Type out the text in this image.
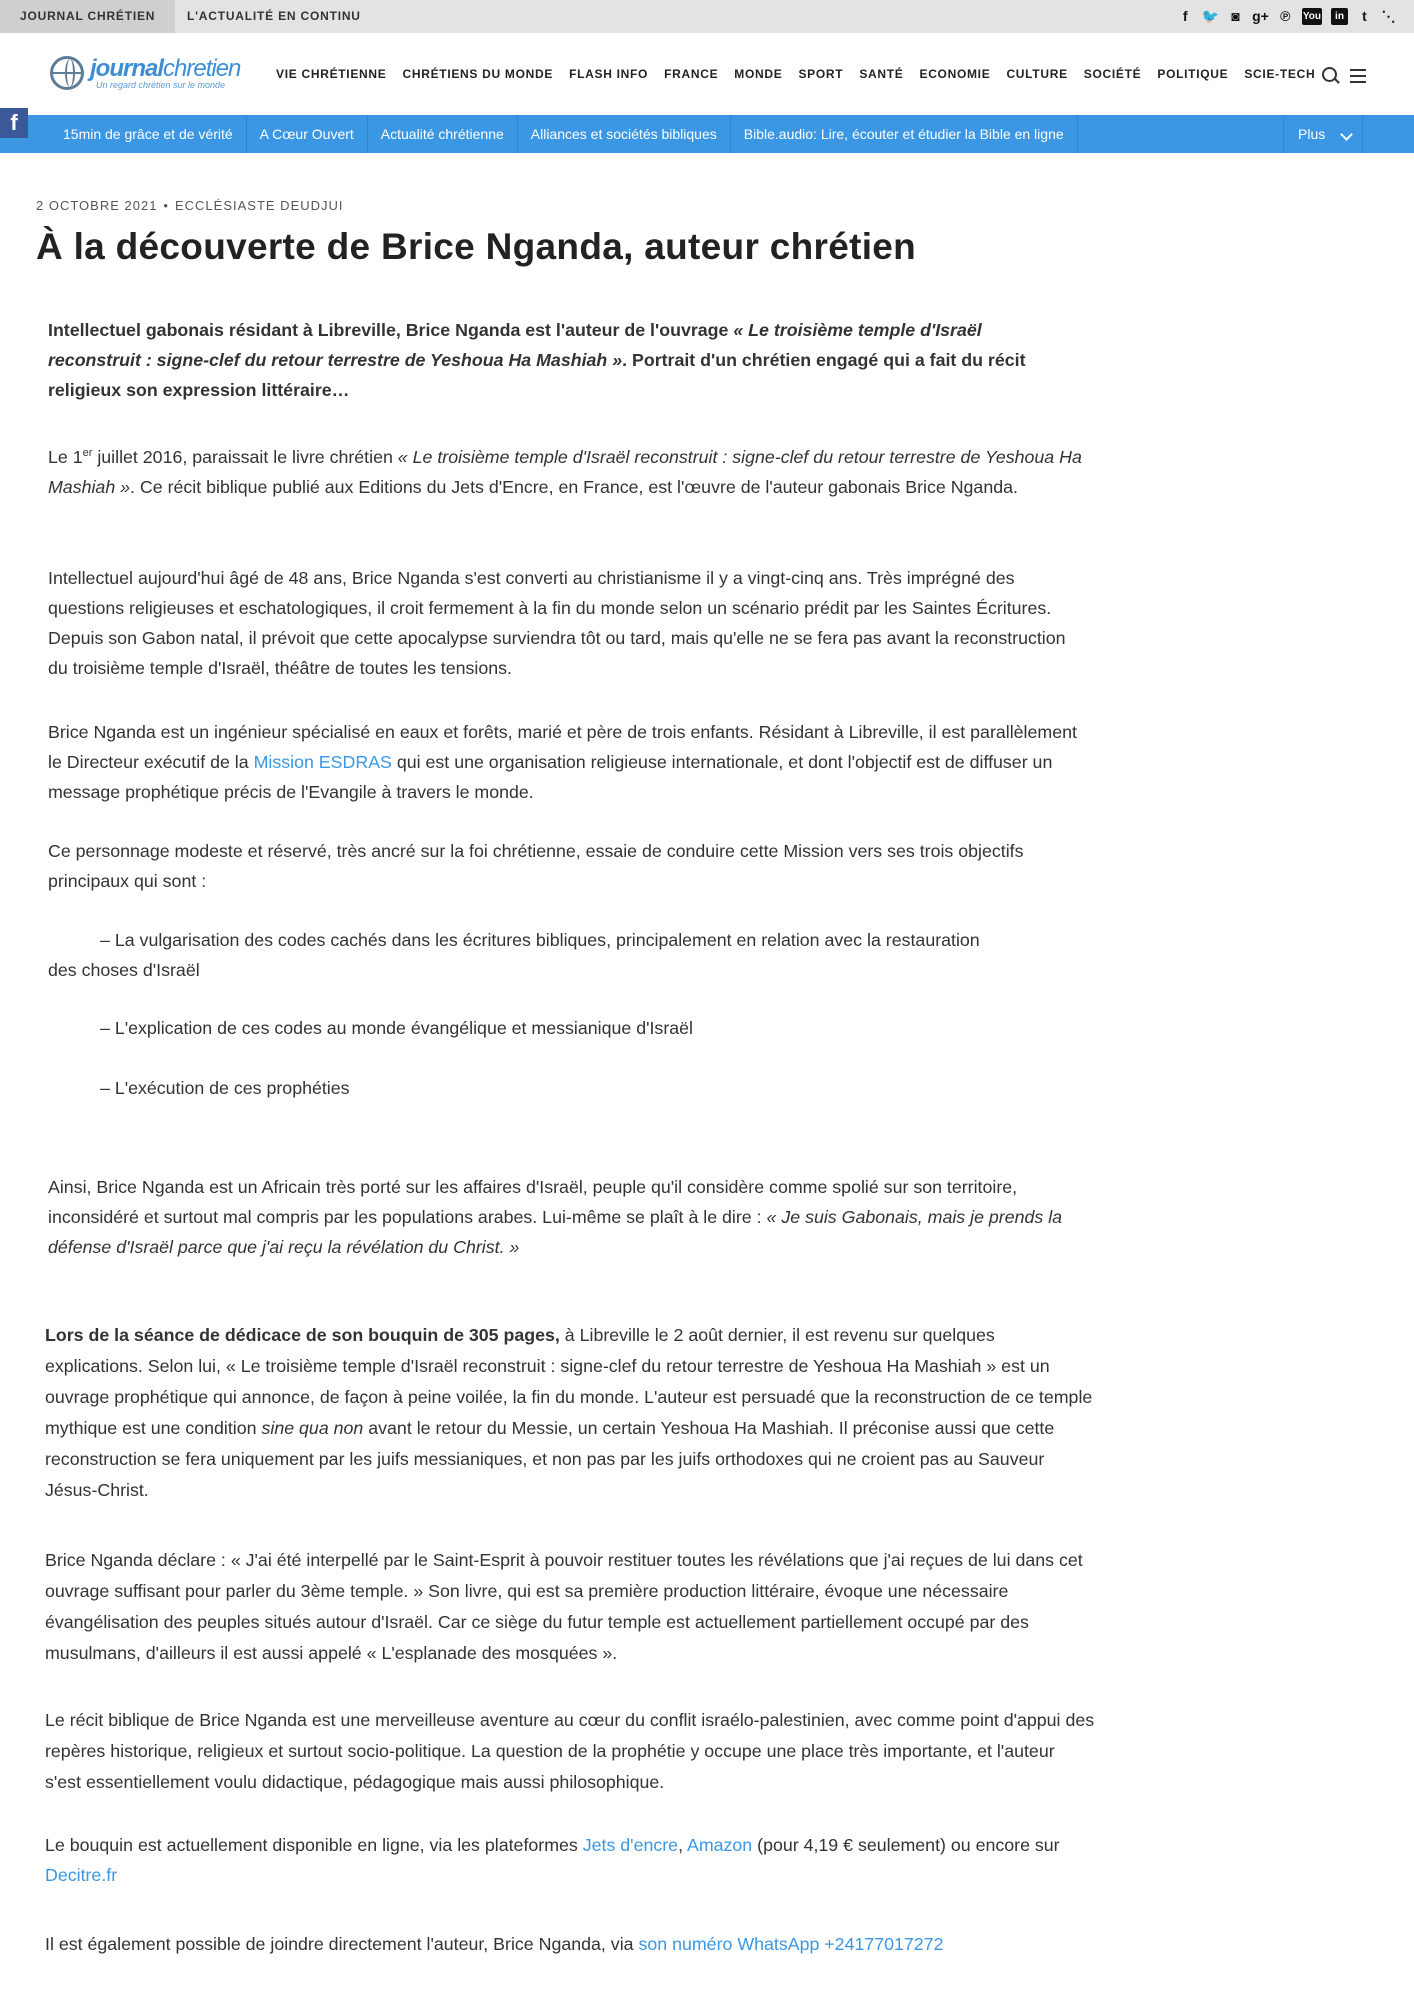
JOURNAL CHRÉTIEN	L'ACTUALITÉ EN CONTINU	f	🐦 ◙ g+ ℗ You	in	t	⋱
journalchretien
Un regard chrétien sur le monde
VIE CHRÉTIENNE CHRÉTIENS DU MONDE FLASH INFO FRANCE MONDE SPORT SANTÉ ECONOMIE CULTURE SOCIÉTÉ POLITIQUE SCIE-TECH
15min de grâce et de vérité	A Cœur Ouvert	Actualité chrétienne	Alliances et sociétés bibliques	Bible.audio: Lire, écouter et étudier la Bible en ligne	Plus
f
2 OCTOBRE 2021 • ECCLÉSIASTE DEUDJUI
À la découverte de Brice Nganda, auteur chrétien

Intellectuel gabonais résidant à Libreville, Brice Nganda est l'auteur de l'ouvrage « Le troisième temple d'Israël reconstruit : signe-clef du retour terrestre de Yeshoua Ha Mashiah ». Portrait d'un chrétien engagé qui a fait du récit religieux son expression littéraire…

Le 1er juillet 2016, paraissait le livre chrétien « Le troisième temple d'Israël reconstruit : signe-clef du retour terrestre de Yeshoua Ha Mashiah ». Ce récit biblique publié aux Editions du Jets d'Encre, en France, est l'œuvre de l'auteur gabonais Brice Nganda.

Intellectuel aujourd'hui âgé de 48 ans, Brice Nganda s'est converti au christianisme il y a vingt-cinq ans. Très imprégné des questions religieuses et eschatologiques, il croit fermement à la fin du monde selon un scénario prédit par les Saintes Écritures. Depuis son Gabon natal, il prévoit que cette apocalypse surviendra tôt ou tard, mais qu'elle ne se fera pas avant la reconstruction du troisième temple d'Israël, théâtre de toutes les tensions.

Brice Nganda est un ingénieur spécialisé en eaux et forêts, marié et père de trois enfants. Résidant à Libreville, il est parallèlement le Directeur exécutif de la Mission ESDRAS qui est une organisation religieuse internationale, et dont l'objectif est de diffuser un message prophétique précis de l'Evangile à travers le monde.

Ce personnage modeste et réservé, très ancré sur la foi chrétienne, essaie de conduire cette Mission vers ses trois objectifs principaux qui sont :

– La vulgarisation des codes cachés dans les écritures bibliques, principalement en relation avec la restauration

des choses d'Israël

– L'explication de ces codes au monde évangélique et messianique d'Israël

– L'exécution de ces prophéties

Ainsi, Brice Nganda est un Africain très porté sur les affaires d'Israël, peuple qu'il considère comme spolié sur son territoire, inconsidéré et surtout mal compris par les populations arabes. Lui-même se plaît à le dire : « Je suis Gabonais, mais je prends la défense d'Israël parce que j'ai reçu la révélation du Christ. »

Lors de la séance de dédicace de son bouquin de 305 pages, à Libreville le 2 août dernier, il est revenu sur quelques explications. Selon lui, « Le troisième temple d'Israël reconstruit : signe-clef du retour terrestre de Yeshoua Ha Mashiah » est un ouvrage prophétique qui annonce, de façon à peine voilée, la fin du monde. L'auteur est persuadé que la reconstruction de ce temple mythique est une condition sine qua non avant le retour du Messie, un certain Yeshoua Ha Mashiah. Il préconise aussi que cette reconstruction se fera uniquement par les juifs messianiques, et non pas par les juifs orthodoxes qui ne croient pas au Sauveur Jésus-Christ.

Brice Nganda déclare : « J'ai été interpellé par le Saint-Esprit à pouvoir restituer toutes les révélations que j'ai reçues de lui dans cet ouvrage suffisant pour parler du 3ème temple. » Son livre, qui est sa première production littéraire, évoque une nécessaire évangélisation des peuples situés autour d'Israël. Car ce siège du futur temple est actuellement partiellement occupé par des musulmans, d'ailleurs il est aussi appelé « L'esplanade des mosquées ».

Le récit biblique de Brice Nganda est une merveilleuse aventure au cœur du conflit israélo-palestinien, avec comme point d'appui des repères historique, religieux et surtout socio-politique. La question de la prophétie y occupe une place très importante, et l'auteur s'est essentiellement voulu didactique, pédagogique mais aussi philosophique.

Le bouquin est actuellement disponible en ligne, via les plateformes Jets d'encre, Amazon (pour 4,19 € seulement) ou encore sur Decitre.fr

Il est également possible de joindre directement l'auteur, Brice Nganda, via son numéro WhatsApp +24177017272
